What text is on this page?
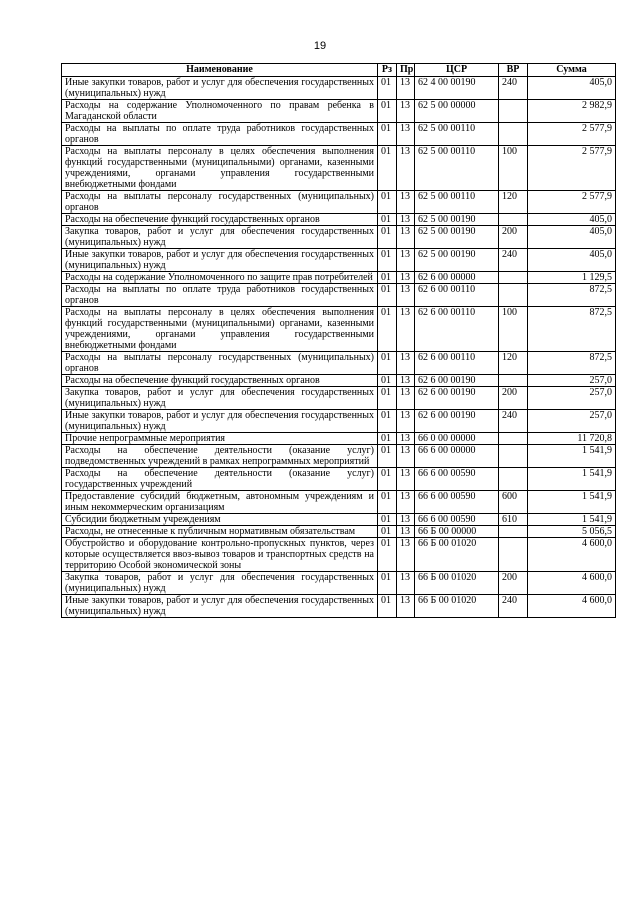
19
Наименование	Рз	Пр	ЦСР	ВР	Сумма
Иные закупки товаров, работ и услуг для обеспечения государственных (муниципальных) нужд	01	13	62 4 00 00190	240	405,0
Расходы на содержание Уполномоченного по правам ребенка в Магаданской области	01	13	62 5 00 00000		2 982,9
Расходы на выплаты по оплате труда работников государственных органов	01	13	62 5 00 00110		2 577,9
Расходы на выплаты персоналу в целях обеспечения выполнения функций государственными (муниципальными) органами, казенными учреждениями, органами управления государственными внебюджетными фондами	01	13	62 5 00 00110	100	2 577,9
Расходы на выплаты персоналу государственных (муниципальных) органов	01	13	62 5 00 00110	120	2 577,9
Расходы на обеспечение функций государственных органов	01	13	62 5 00 00190		405,0
Закупка товаров, работ и услуг для обеспечения государственных (муниципальных) нужд	01	13	62 5 00 00190	200	405,0
Иные закупки товаров, работ и услуг для обеспечения государственных (муниципальных) нужд	01	13	62 5 00 00190	240	405,0
Расходы на содержание Уполномоченного по защите прав потребителей	01	13	62 6 00 00000		1 129,5
Расходы на выплаты по оплате труда работников государственных органов	01	13	62 6 00 00110		872,5
Расходы на выплаты персоналу в целях обеспечения выполнения функций государственными (муниципальными) органами, казенными учреждениями, органами управления государственными внебюджетными фондами	01	13	62 6 00 00110	100	872,5
Расходы на выплаты персоналу государственных (муниципальных) органов	01	13	62 6 00 00110	120	872,5
Расходы на обеспечение функций государственных органов	01	13	62 6 00 00190		257,0
Закупка товаров, работ и услуг для обеспечения государственных (муниципальных) нужд	01	13	62 6 00 00190	200	257,0
Иные закупки товаров, работ и услуг для обеспечения государственных (муниципальных) нужд	01	13	62 6 00 00190	240	257,0
Прочие непрограммные мероприятия	01	13	66 0 00 00000		11 720,8
Расходы на обеспечение деятельности (оказание услуг) подведомственных учреждений в рамках непрограммных мероприятий	01	13	66 6 00 00000		1 541,9
Расходы на обеспечение деятельности (оказание услуг) государственных учреждений	01	13	66 6 00 00590		1 541,9
Предоставление субсидий бюджетным, автономным учреждениям и иным некоммерческим организациям	01	13	66 6 00 00590	600	1 541,9
Субсидии бюджетным учреждениям	01	13	66 6 00 00590	610	1 541,9
Расходы, не отнесенные к публичным нормативным обязательствам	01	13	66 Б 00 00000		5 056,5
Обустройство и оборудование контрольно-пропускных пунктов, через которые осуществляется ввоз-вывоз товаров и транспортных средств на территорию Особой экономической зоны	01	13	66 Б 00 01020		4 600,0
Закупка товаров, работ и услуг для обеспечения государственных (муниципальных) нужд	01	13	66 Б 00 01020	200	4 600,0
Иные закупки товаров, работ и услуг для обеспечения государственных (муниципальных) нужд	01	13	66 Б 00 01020	240	4 600,0
